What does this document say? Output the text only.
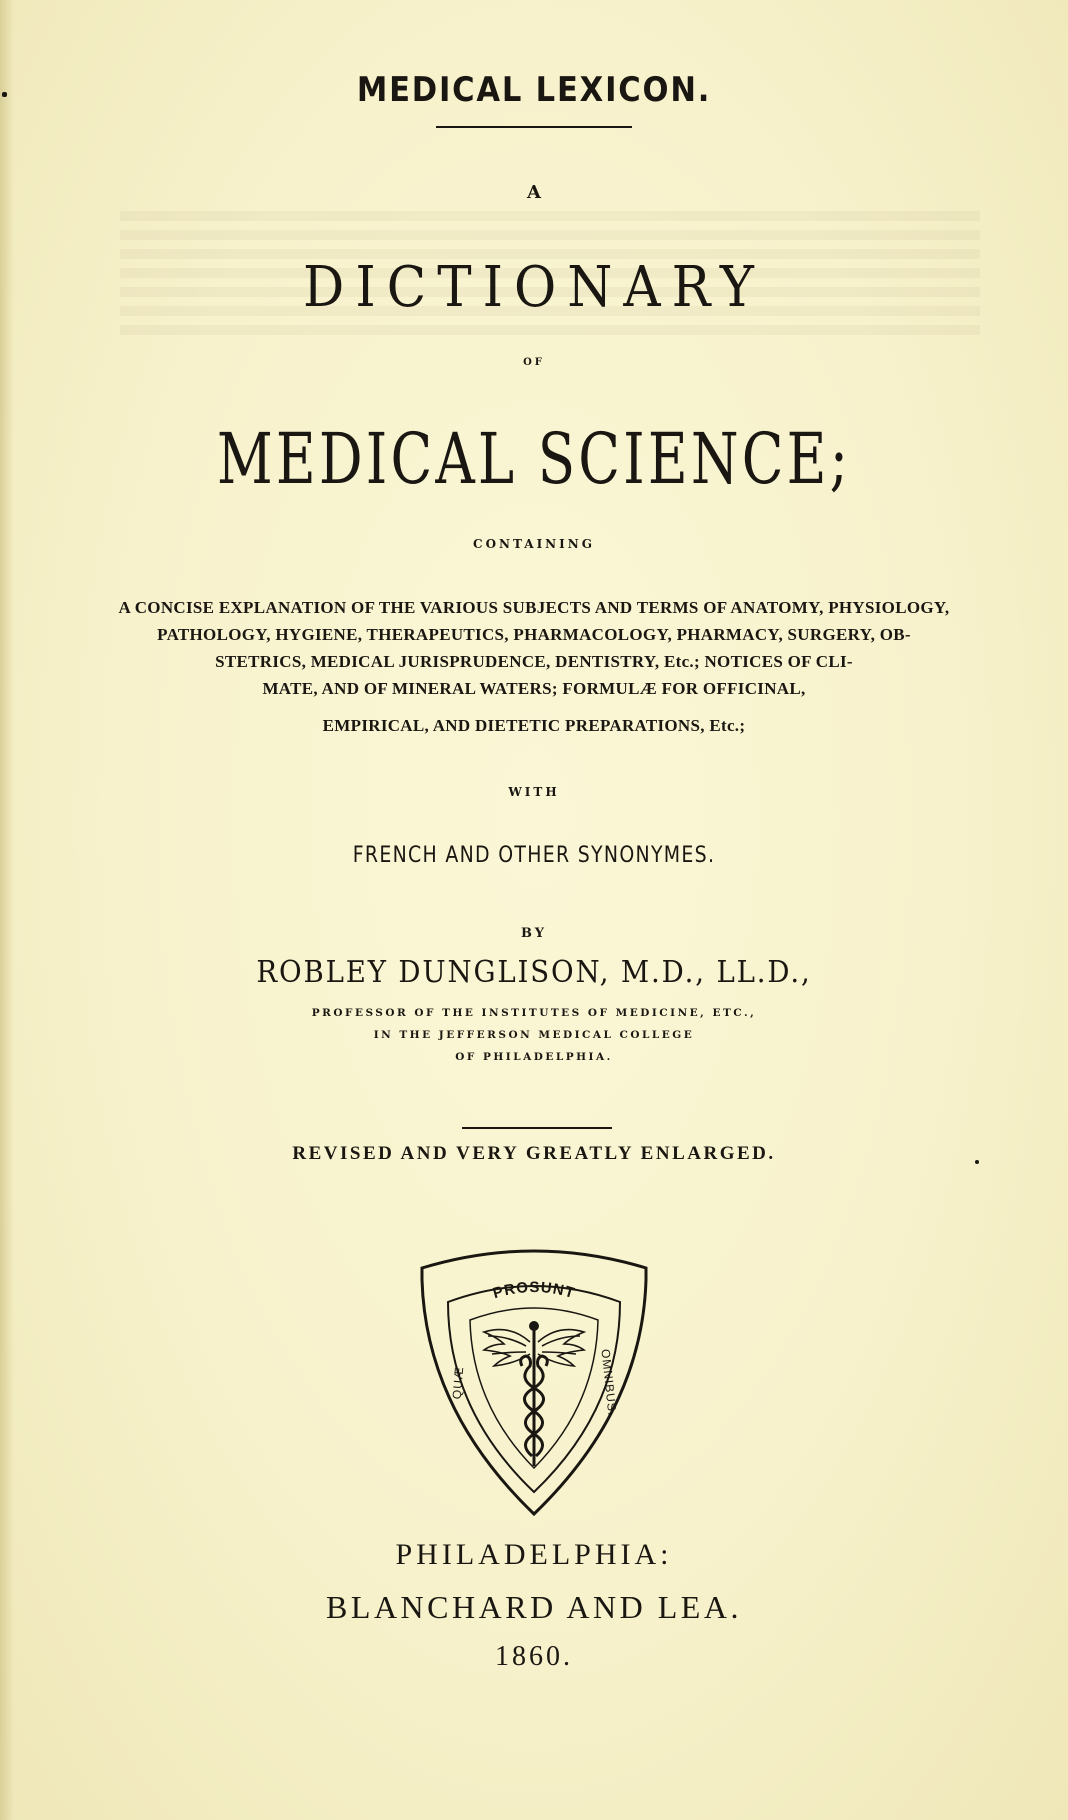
MEDICAL LEXICON.

A

DICTIONARY

OF

MEDICAL SCIENCE;

CONTAINING

A CONCISE EXPLANATION OF THE VARIOUS SUBJECTS AND TERMS OF ANATOMY, PHYSIOLOGY,

PATHOLOGY, HYGIENE, THERAPEUTICS, PHARMACOLOGY, PHARMACY, SURGERY, OB-

STETRICS, MEDICAL JURISPRUDENCE, DENTISTRY, Etc.; NOTICES OF CLI-

MATE, AND OF MINERAL WATERS; FORMULÆ FOR OFFICINAL,

EMPIRICAL, AND DIETETIC PREPARATIONS, Etc.;

WITH

FRENCH AND OTHER SYNONYMES.

BY

ROBLEY DUNGLISON, M.D., LL.D.,

PROFESSOR OF THE INSTITUTES OF MEDICINE, ETC.,

IN THE JEFFERSON MEDICAL COLLEGE

OF PHILADELPHIA.

REVISED AND VERY GREATLY ENLARGED.

PROSUNT
QUÆ
OMNIBUS.

PHILADELPHIA:

BLANCHARD AND LEA.

1860.
